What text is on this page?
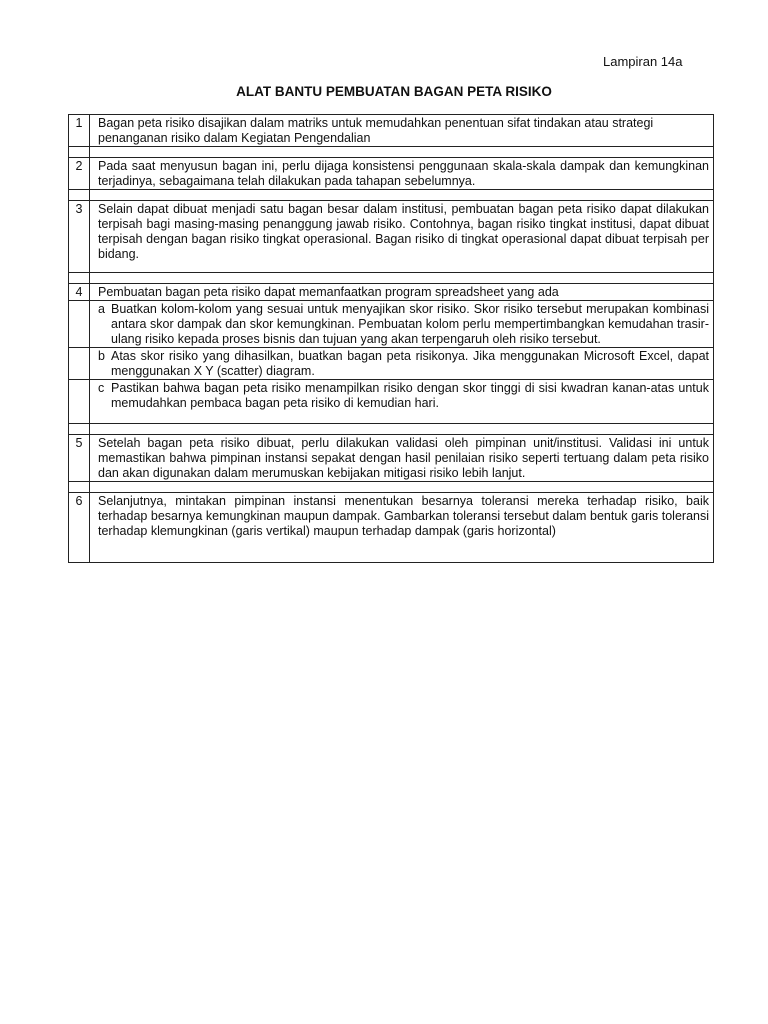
Lampiran 14a
ALAT BANTU PEMBUATAN BAGAN PETA RISIKO
1	Bagan peta risiko disajikan dalam matriks untuk memudahkan penentuan sifat tindakan atau strategi penanganan risiko dalam Kegiatan Pengendalian

2	Pada saat menyusun bagan ini, perlu dijaga konsistensi penggunaan skala-skala dampak dan kemungkinan terjadinya, sebagaimana telah dilakukan pada tahapan sebelumnya.

3	Selain dapat dibuat menjadi satu bagan besar dalam institusi, pembuatan bagan peta risiko dapat dilakukan terpisah bagi masing-masing penanggung jawab risiko. Contohnya, bagan risiko tingkat institusi, dapat dibuat terpisah dengan bagan risiko tingkat operasional. Bagan risiko di tingkat operasional dapat dibuat terpisah per bidang.

4	Pembuatan bagan peta risiko dapat memanfaatkan program spreadsheet yang ada

	a Buatkan kolom-kolom yang sesuai untuk menyajikan skor risiko. Skor risiko tersebut merupakan kombinasi antara skor dampak dan skor kemungkinan. Pembuatan kolom perlu mempertimbangkan kemudahan trasir-ulang risiko kepada proses bisnis dan tujuan yang akan terpengaruh oleh risiko tersebut.

	b Atas skor risiko yang dihasilkan, buatkan bagan peta risikonya. Jika menggunakan Microsoft Excel, dapat menggunakan X Y (scatter) diagram.

	c Pastikan bahwa bagan peta risiko menampilkan risiko dengan skor tinggi di sisi kwadran kanan-atas untuk memudahkan pembaca bagan peta risiko di kemudian hari.

5	Setelah bagan peta risiko dibuat, perlu dilakukan validasi oleh pimpinan unit/institusi. Validasi ini untuk memastikan bahwa pimpinan instansi sepakat dengan hasil penilaian risiko seperti tertuang dalam peta risiko dan akan digunakan dalam merumuskan kebijakan mitigasi risiko lebih lanjut.

6	Selanjutnya, mintakan pimpinan instansi menentukan besarnya toleransi mereka terhadap risiko, baik terhadap besarnya kemungkinan maupun dampak. Gambarkan toleransi tersebut dalam bentuk garis toleransi terhadap klemungkinan (garis vertikal) maupun terhadap dampak (garis horizontal)
